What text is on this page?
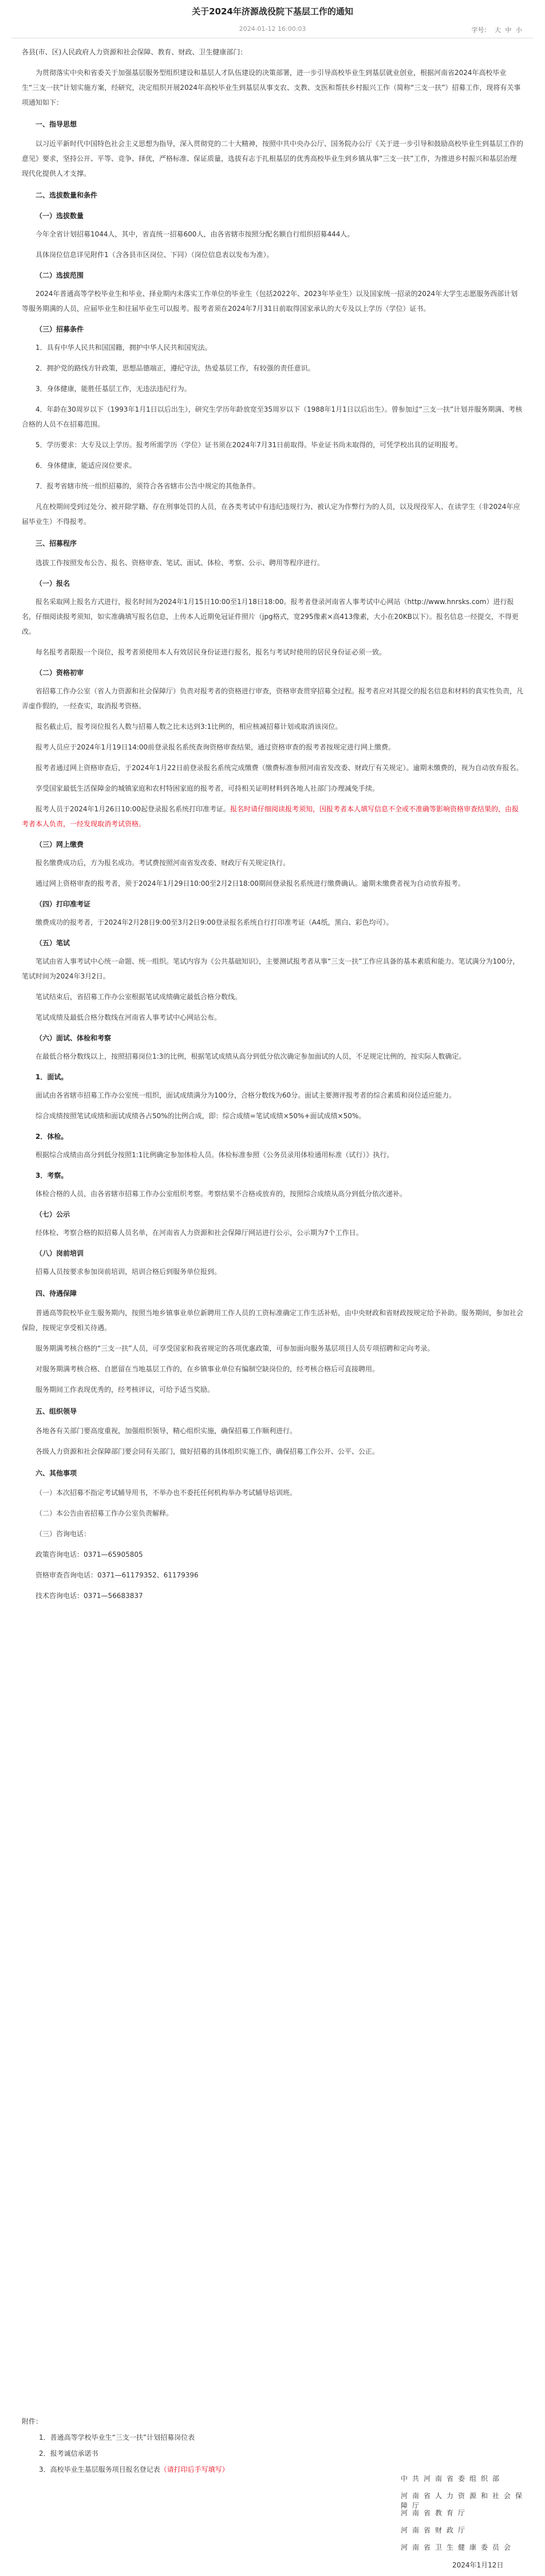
关于2024年济源战役院下基层工作的通知
2024-01-12 16:00:03	字号： 大 中 小

各县(市、区)人民政府人力资源和社会保障、教育、财政、卫生健康部门：

为贯彻落实中央和省委关于加强基层服务型组织建设和基层人才队伍建设的决策部署，进一步引导高校毕业生到基层就业创业，根据河南省2024年高校毕业生“三支一扶”计划实施方案，经研究，决定组织开展2024年高校毕业生到基层从事支农、支教、支医和帮扶乡村振兴工作（简称“三支一扶”）招募工作，现将有关事项通知如下：

一、指导思想

以习近平新时代中国特色社会主义思想为指导，深入贯彻党的二十大精神，按照中共中央办公厅、国务院办公厅《关于进一步引导和鼓励高校毕业生到基层工作的意见》要求，坚持公开、平等、竞争、择优，严格标准、保证质量，选拔有志于扎根基层的优秀高校毕业生到乡镇从事“三支一扶”工作，为推进乡村振兴和基层治理现代化提供人才支撑。

二、选拔数量和条件
（一）选拔数量

今年全省计划招募1044人，其中，省直统一招募600人，由各省辖市按照分配名额自行组织招募444人。

具体岗位信息详见附件1（含各县市区岗位、下同）（岗位信息表以发布为准）。

（二）选拔范围

2024年普通高等学校毕业生和毕业、择业期内未落实工作单位的毕业生（包括2022年、2023年毕业生）以及国家统一招录的2024年大学生志愿服务西部计划等服务期满的人员，应届毕业生和往届毕业生可以报考。报考者须在2024年7月31日前取得国家承认的大专及以上学历（学位）证书。

（三）招募条件

1．具有中华人民共和国国籍，拥护中华人民共和国宪法。

2．拥护党的路线方针政策，思想品德端正，遵纪守法，热爱基层工作，有较强的责任意识。

3．身体健康，能胜任基层工作，无违法违纪行为。

4．年龄在30周岁以下（1993年1月1日以后出生），研究生学历年龄放宽至35周岁以下（1988年1月1日以后出生）。曾参加过“三支一扶”计划并服务期满、考核合格的人员不在招募范围。

5．学历要求：大专及以上学历。报考所需学历（学位）证书须在2024年7月31日前取得。毕业证书尚未取得的，可凭学校出具的证明报考。

6．身体健康，能适应岗位要求。

7．报考省辖市统一组织招募的，须符合各省辖市公告中规定的其他条件。

凡在校期间受到过处分、被开除学籍、存在刑事处罚的人员，在各类考试中有违纪违规行为、被认定为作弊行为的人员，以及现役军人、在读学生（非2024年应届毕业生）不得报考。

三、招募程序

选拔工作按照发布公告、报名、资格审查、笔试、面试、体检、考察、公示、聘用等程序进行。

（一）报名

报名采取网上报名方式进行，报名时间为2024年1月15日10:00至1月18日18:00。报考者登录河南省人事考试中心网站（http://www.hnrsks.com）进行报名，仔细阅读报考须知，如实准确填写报名信息，上传本人近期免冠证件照片（jpg格式，宽295像素×高413像素，大小在20KB以下）。报名信息一经提交，不得更改。

每名报考者限报一个岗位，报考者须使用本人有效居民身份证进行报名，报名与考试时使用的居民身份证必须一致。

（二）资格初审

省招募工作办公室（省人力资源和社会保障厅）负责对报考者的资格进行审查，资格审查贯穿招募全过程。报考者应对其提交的报名信息和材料的真实性负责，凡弄虚作假的，一经查实，取消报考资格。

报名截止后，报考岗位报名人数与招募人数之比未达到3:1比例的，相应核减招募计划或取消该岗位。

报考人员应于2024年1月19日14:00前登录报名系统查询资格审查结果，通过资格审查的报考者按规定进行网上缴费。

报考者通过网上资格审查后，于2024年1月22日前登录报名系统完成缴费（缴费标准参照河南省发改委、财政厅有关规定）。逾期未缴费的，视为自动放弃报名。

享受国家最低生活保障金的城镇家庭和农村特困家庭的报考者，可持相关证明材料到各地人社部门办理减免手续。

报考人员于2024年1月26日10:00起登录报名系统打印准考证。报名时请仔细阅读报考须知，因报考者本人填写信息不全或不准确等影响资格审查结果的，由报考者本人负责，一经发现取消考试资格。

（三）网上缴费

报名缴费成功后，方为报名成功。考试费按照河南省发改委、财政厅有关规定执行。

通过网上资格审查的报考者，须于2024年1月29日10:00至2月2日18:00期间登录报名系统进行缴费确认。逾期未缴费者视为自动放弃报考。

（四）打印准考证

缴费成功的报考者，于2024年2月28日9:00至3月2日9:00登录报名系统自行打印准考证（A4纸，黑白、彩色均可）。

（五）笔试

笔试由省人事考试中心统一命题、统一组织。笔试内容为《公共基础知识》，主要测试报考者从事“三支一扶”工作应具备的基本素质和能力。笔试满分为100分，笔试时间为2024年3月2日。

笔试结束后，省招募工作办公室根据笔试成绩确定最低合格分数线。

笔试成绩及最低合格分数线在河南省人事考试中心网站公布。

（六）面试、体检和考察

在最低合格分数线以上，按照招募岗位1:3的比例，根据笔试成绩从高分到低分依次确定参加面试的人员，不足规定比例的，按实际人数确定。

1．面试。

面试由各省辖市招募工作办公室统一组织，面试成绩满分为100分，合格分数线为60分。面试主要测评报考者的综合素质和岗位适应能力。

综合成绩按照笔试成绩和面试成绩各占50%的比例合成，即：综合成绩=笔试成绩×50%+面试成绩×50%。

2．体检。

根据综合成绩由高分到低分按照1:1比例确定参加体检人员。体检标准参照《公务员录用体检通用标准（试行）》执行。

3．考察。

体检合格的人员，由各省辖市招募工作办公室组织考察。考察结果不合格或放弃的，按照综合成绩从高分到低分依次递补。

（七）公示

经体检、考察合格的拟招募人员名单，在河南省人力资源和社会保障厅网站进行公示，公示期为7个工作日。

（八）岗前培训

招募人员按要求参加岗前培训，培训合格后到服务单位报到。

四、待遇保障

普通高等院校毕业生服务期内，按照当地乡镇事业单位新聘用工作人员的工资标准确定工作生活补贴，由中央财政和省财政按规定给予补助。服务期间，参加社会保险，按规定享受相关待遇。

服务期满考核合格的“三支一扶”人员，可享受国家和我省规定的各项优惠政策，可参加面向服务基层项目人员专项招聘和定向考录。

对服务期满考核合格、自愿留在当地基层工作的，在乡镇事业单位有编制空缺岗位的，经考核合格后可直接聘用。

服务期间工作表现优秀的，经考核评议，可给予适当奖励。

五、组织领导

各地各有关部门要高度重视，加强组织领导，精心组织实施，确保招募工作顺利进行。

各级人力资源和社会保障部门要会同有关部门，做好招募的具体组织实施工作，确保招募工作公开、公平、公正。

六、其他事项

（一）本次招募不指定考试辅导用书，不举办也不委托任何机构举办考试辅导培训班。

（二）本公告由省招募工作办公室负责解释。

（三）咨询电话：

政策咨询电话：0371—65905805

资格审查咨询电话：0371—61179352、61179396

技术咨询电话：0371—56683837

附件：
1．普通高等学校毕业生“三支一扶”计划招募岗位表
2．报考诚信承诺书
3．高校毕业生基层服务项目报名登记表（请打印后手写填写）
中共河南省委组织部
河南省人力资源和社会保障厅
河南省教育厅
河南省财政厅
河南省卫生健康委员会
2024年1月12日
